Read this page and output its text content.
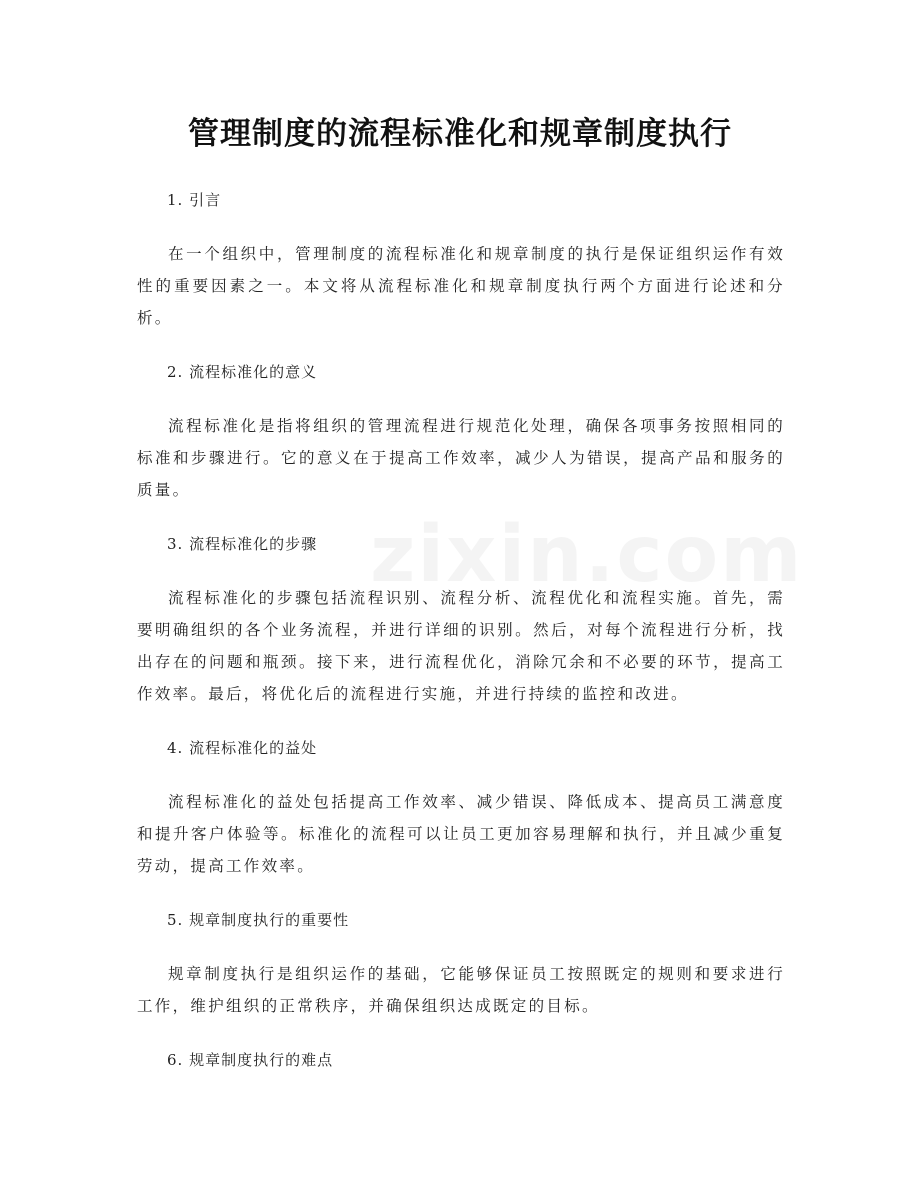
管理制度的流程标准化和规章制度执行

1. 引言

在一个组织中，管理制度的流程标准化和规章制度的执行是保证组织运作有效性的重要因素之一。本文将从流程标准化和规章制度执行两个方面进行论述和分析。

2. 流程标准化的意义

流程标准化是指将组织的管理流程进行规范化处理，确保各项事务按照相同的标准和步骤进行。它的意义在于提高工作效率，减少人为错误，提高产品和服务的质量。

3. 流程标准化的步骤

流程标准化的步骤包括流程识别、流程分析、流程优化和流程实施。首先，需要明确组织的各个业务流程，并进行详细的识别。然后，对每个流程进行分析，找出存在的问题和瓶颈。接下来，进行流程优化，消除冗余和不必要的环节，提高工作效率。最后，将优化后的流程进行实施，并进行持续的监控和改进。

4. 流程标准化的益处

流程标准化的益处包括提高工作效率、减少错误、降低成本、提高员工满意度和提升客户体验等。标准化的流程可以让员工更加容易理解和执行，并且减少重复劳动，提高工作效率。

5. 规章制度执行的重要性

规章制度执行是组织运作的基础，它能够保证员工按照既定的规则和要求进行工作，维护组织的正常秩序，并确保组织达成既定的目标。

6. 规章制度执行的难点
